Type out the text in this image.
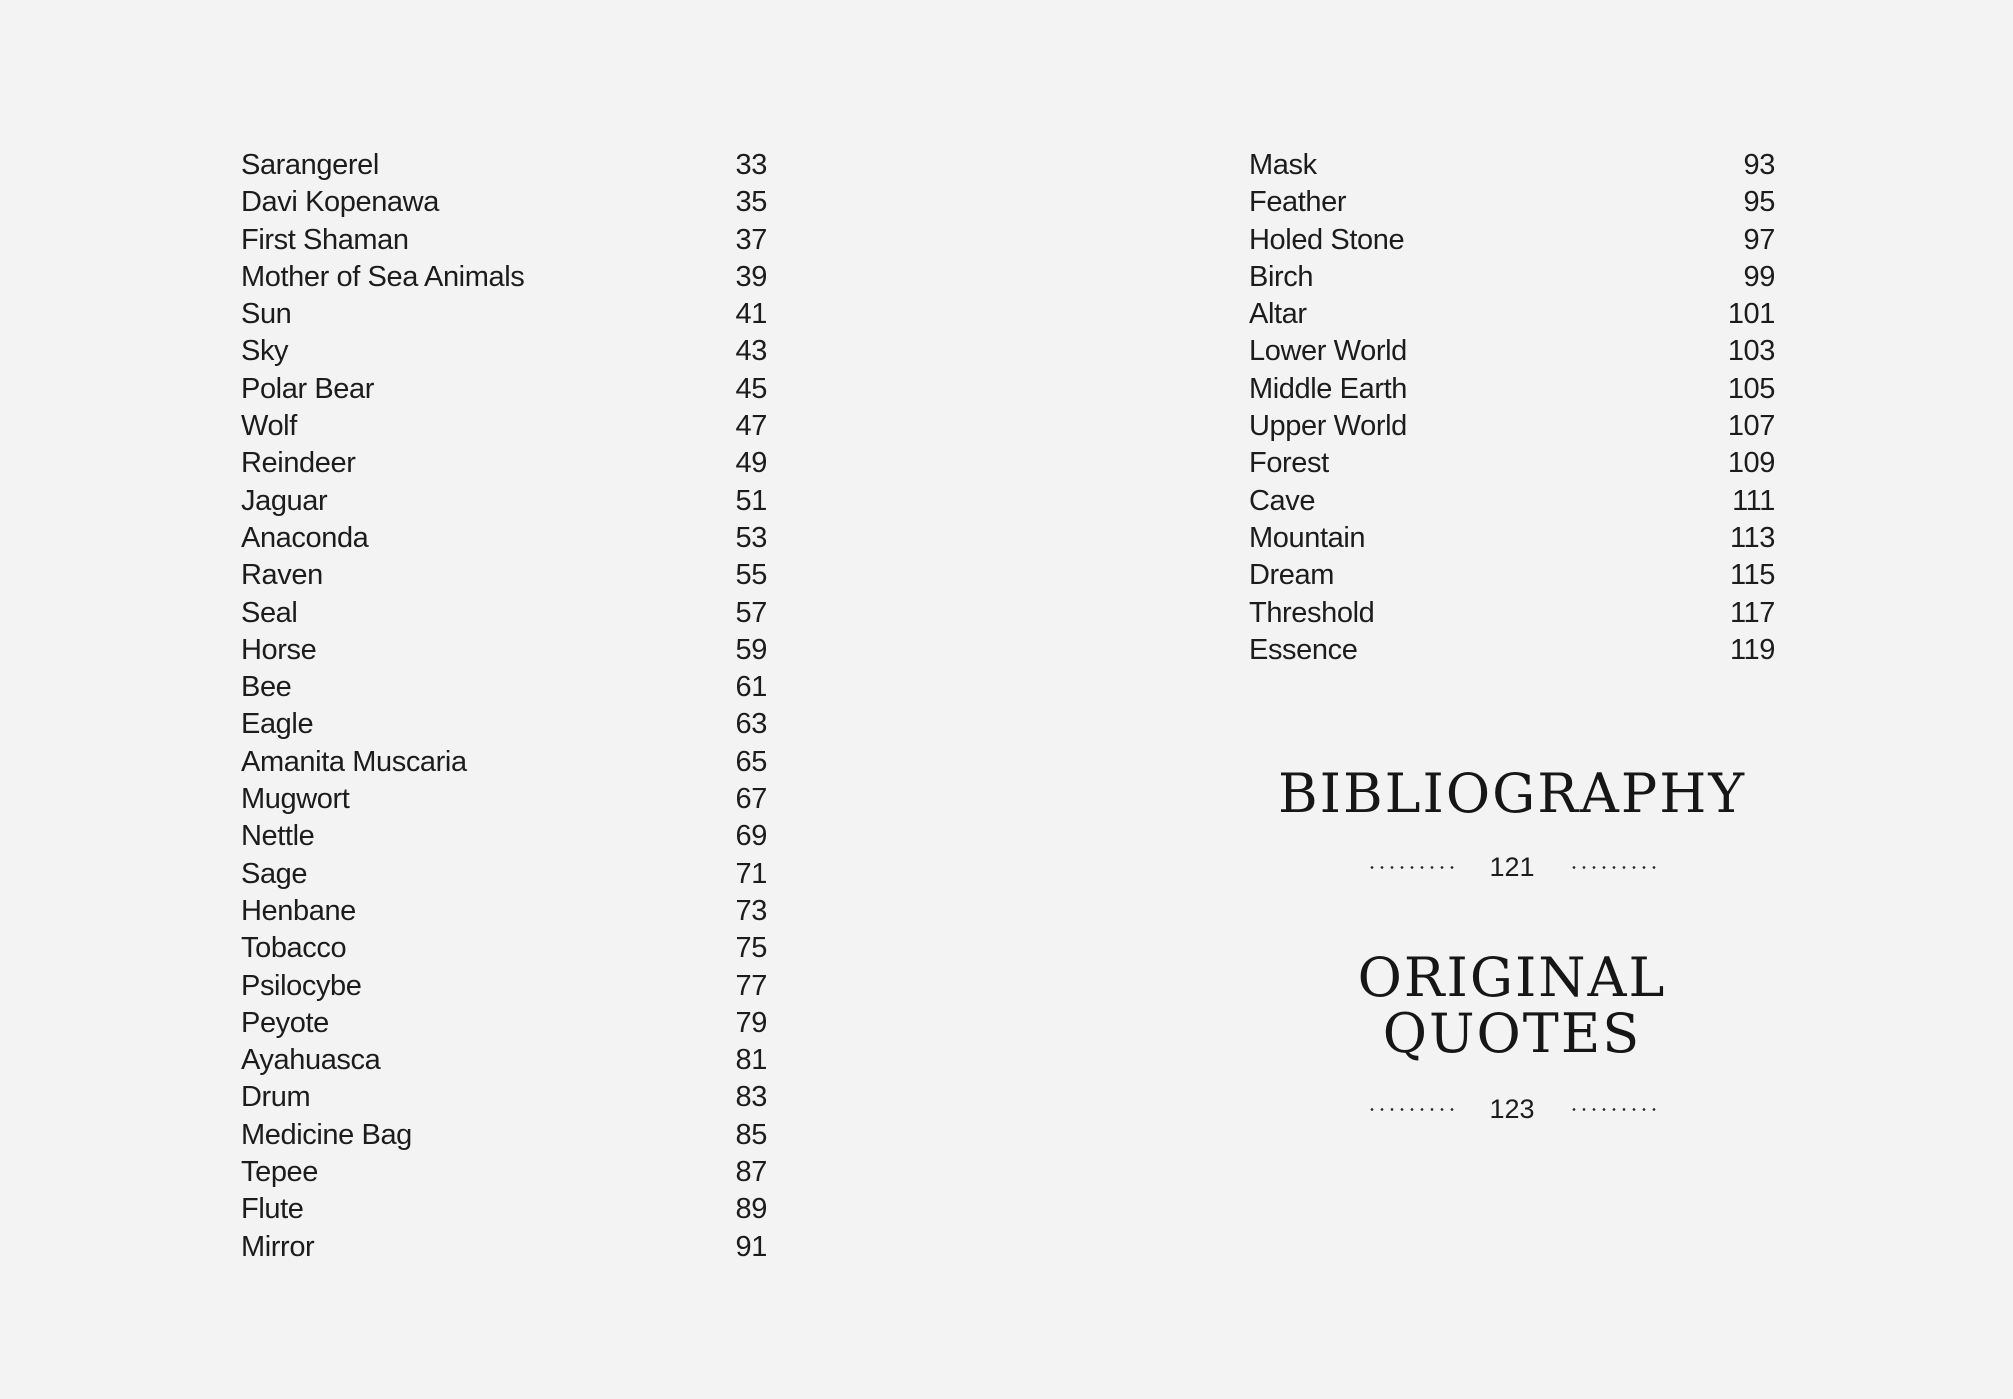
Sarangerel	33
Davi Kopenawa	35
First Shaman	37
Mother of Sea Animals	39
Sun	41
Sky	43
Polar Bear	45
Wolf	47
Reindeer	49
Jaguar	51
Anaconda	53
Raven	55
Seal	57
Horse	59
Bee	61
Eagle	63
Amanita Muscaria	65
Mugwort	67
Nettle	69
Sage	71
Henbane	73
Tobacco	75
Psilocybe	77
Peyote	79
Ayahuasca	81
Drum	83
Medicine Bag	85
Tepee	87
Flute	89
Mirror	91
Mask	93
Feather	95
Holed Stone	97
Birch	99
Altar	101
Lower World	103
Middle Earth	105
Upper World	107
Forest	109
Cave	111
Mountain	113
Dream	115
Threshold	117
Essence	119
BIBLIOGRAPHY
121
ORIGINAL
QUOTES
123
